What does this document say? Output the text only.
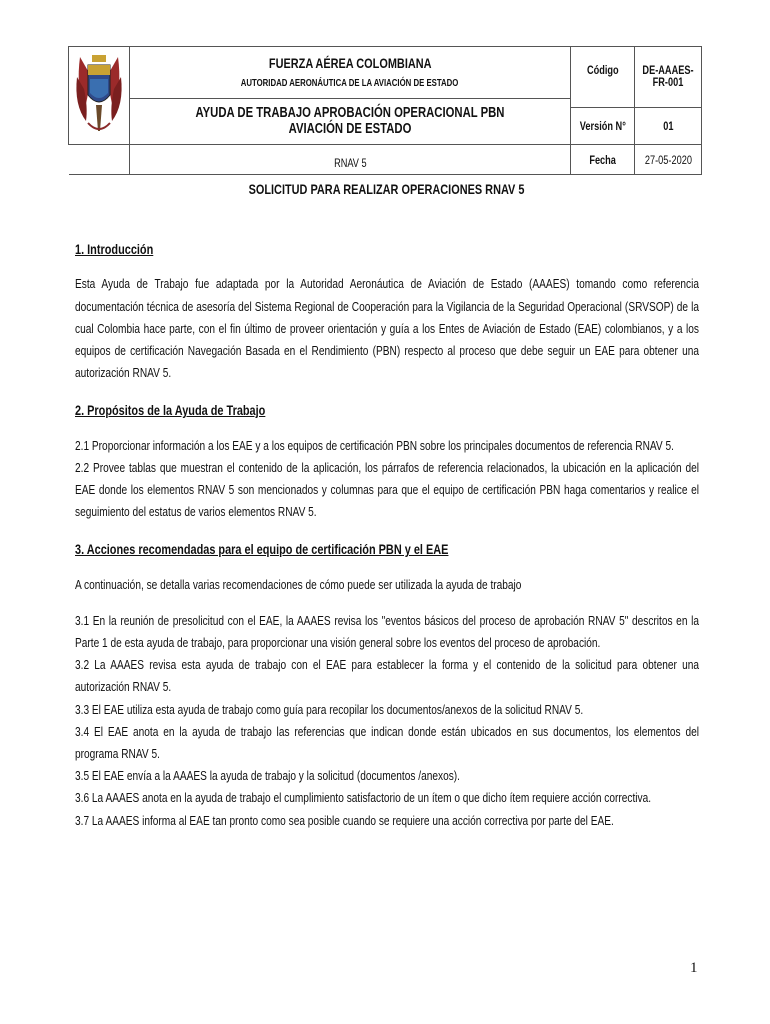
FUERZA AÉREA COLOMBIANA
AUTORIDAD AERONÁUTICA DE LA AVIACIÓN DE ESTADO	Código	DE-AAAES-FR-001
	AYUDA DE TRABAJO APROBACIÓN OPERACIONAL PBN AVIACIÓN DE ESTADO		
		Versión N°	01
	RNAV 5	Fecha	27-05-2020

SOLICITUD PARA REALIZAR OPERACIONES RNAV 5

1. Introducción

Esta Ayuda de Trabajo fue adaptada por la Autoridad Aeronáutica de Aviación de Estado (AAAES) tomando como referencia documentación técnica de asesoría del Sistema Regional de Cooperación para la Vigilancia de la Seguridad Operacional (SRVSOP) de la cual Colombia hace parte, con el fin último de proveer orientación y guía a los Entes de Aviación de Estado (EAE) colombianos, y a los equipos de certificación Navegación Basada en el Rendimiento (PBN) respecto al proceso que debe seguir un EAE para obtener una autorización RNAV 5.

2. Propósitos de la Ayuda de Trabajo

2.1 Proporcionar información a los EAE y a los equipos de certificación PBN sobre los principales documentos de referencia RNAV 5.

2.2 Provee tablas que muestran el contenido de la aplicación, los párrafos de referencia relacionados, la ubicación en la aplicación del EAE donde los elementos RNAV 5 son mencionados y columnas para que el equipo de certificación PBN haga comentarios y realice el seguimiento del estatus de varios elementos RNAV 5.

3. Acciones recomendadas para el equipo de certificación PBN y el EAE

A continuación, se detalla varias recomendaciones de cómo puede ser utilizada la ayuda de trabajo

3.1 En la reunión de presolicitud con el EAE, la AAAES revisa los "eventos básicos del proceso de aprobación RNAV 5" descritos en la Parte 1 de esta ayuda de trabajo, para proporcionar una visión general sobre los eventos del proceso de aprobación.

3.2 La AAAES revisa esta ayuda de trabajo con el EAE para establecer la forma y el contenido de la solicitud para obtener una autorización RNAV 5.

3.3 El EAE utiliza esta ayuda de trabajo como guía para recopilar los documentos/anexos de la solicitud RNAV 5.

3.4 El EAE anota en la ayuda de trabajo las referencias que indican donde están ubicados en sus documentos, los elementos del programa RNAV 5.

3.5 El EAE envía a la AAAES la ayuda de trabajo y la solicitud (documentos /anexos).

3.6 La AAAES anota en la ayuda de trabajo el cumplimiento satisfactorio de un ítem o que dicho ítem requiere acción correctiva.

3.7 La AAAES informa al EAE tan pronto como sea posible cuando se requiere una acción correctiva por parte del EAE.

1
